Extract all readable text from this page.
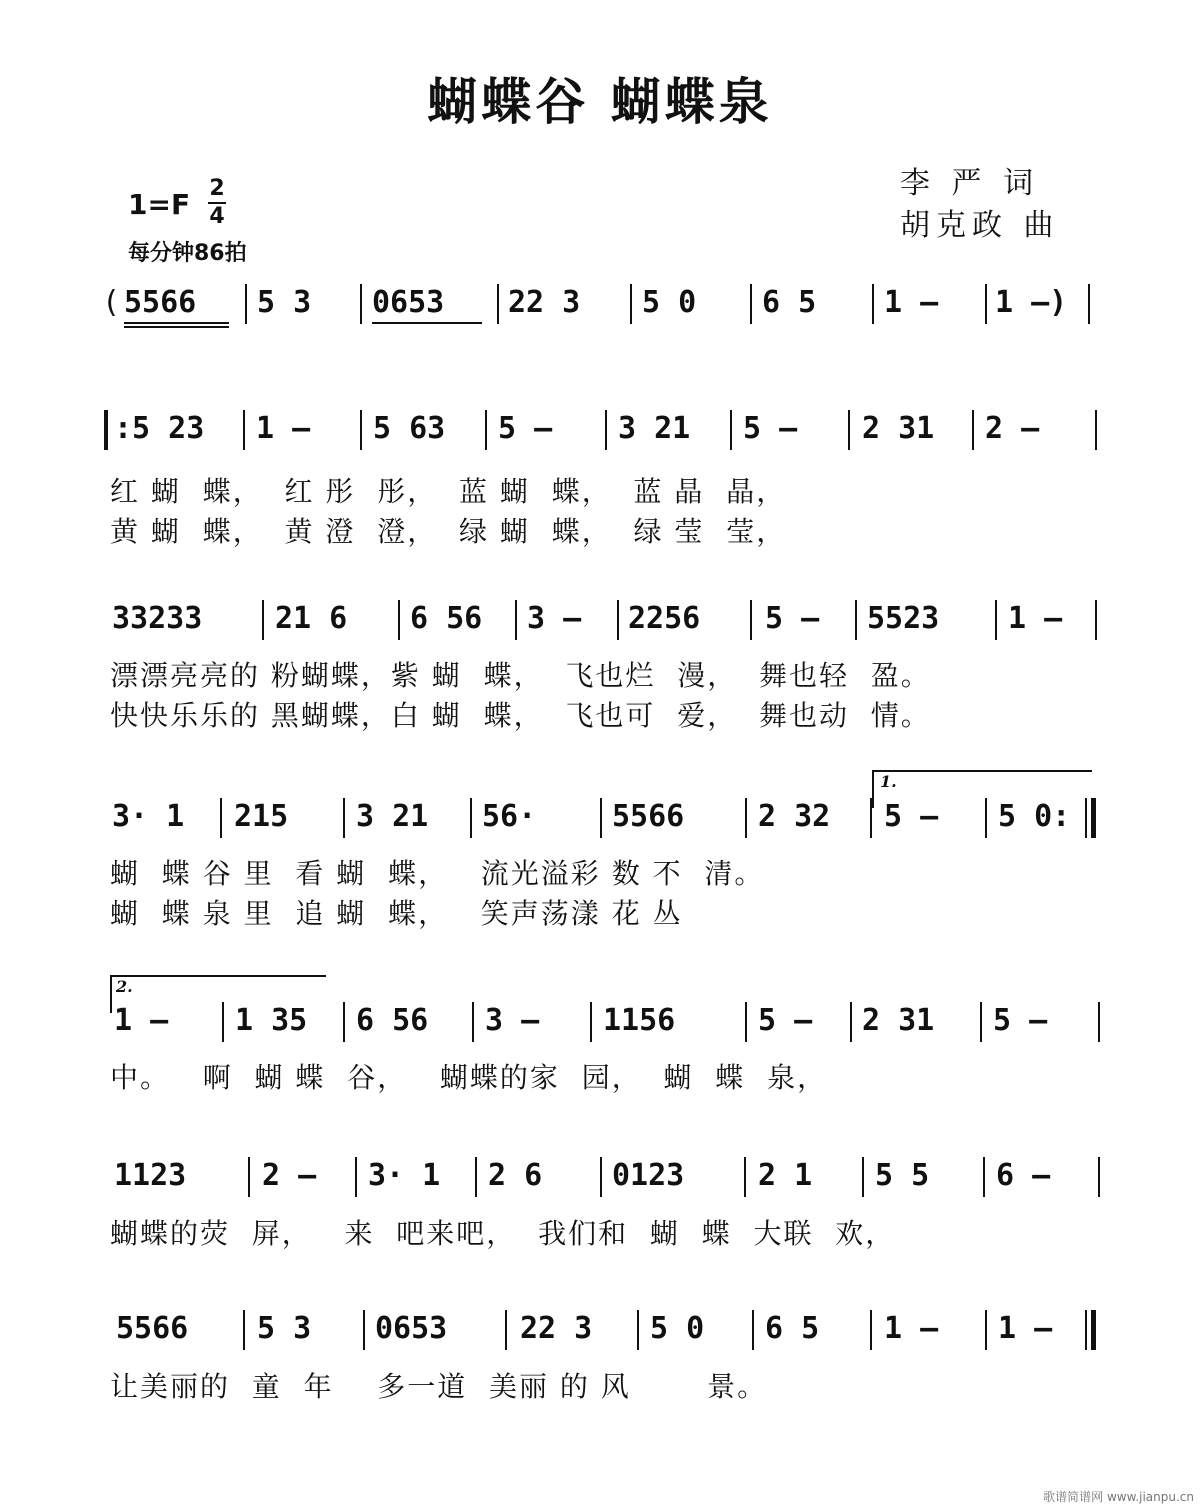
蝴蝶谷 蝴蝶泉
李 严 词
胡克政 曲
1=F 2
4
每分钟86拍
( 5566 5 3 0653 22 3 5 0 6 5 1 – 1 –)
:5 23 1 – 5 63 5 – 3 21 5 – 2 31 2 –
红 蝴  蝶，  红 彤  彤，  蓝 蝴  蝶，  蓝 晶  晶，
黄 蝴  蝶，  黄 澄  澄，  绿 蝴  蝶，  绿 莹  莹，
33233 21 6 6 56 3 – 2256 5 – 5523 1 –
漂漂亮亮的 粉蝴蝶，紫 蝴  蝶，  飞也烂  漫，  舞也轻  盈。
快快乐乐的 黑蝴蝶，白 蝴  蝶，  飞也可  爱，  舞也动  情。
1.
3· 1 215 3 21 56·	5566 2 32 5 – 5 0:
蝴  蝶 谷 里  看 蝴  蝶，   流光溢彩 数 不  清。
蝴  蝶 泉 里  追 蝴  蝶，   笑声荡漾 花 丛
2.
1 – 1 35 6 56 3 – 1156	5 – 2 31 5 –
中。   啊  蝴 蝶  谷，   蝴蝶的家  园，  蝴  蝶  泉，
1123	2 – 3· 1 2 6 0123 2 1 5 5 6 –
蝴蝶的荧  屏，   来  吧来吧，  我们和  蝴  蝶  大联  欢，
5566 5 3 0653 22 3 5 0 6 5 1 – 1 –
让美丽的  童  年    多一道  美丽 的 风       景。
歌谱简谱网 www.jianpu.cn
